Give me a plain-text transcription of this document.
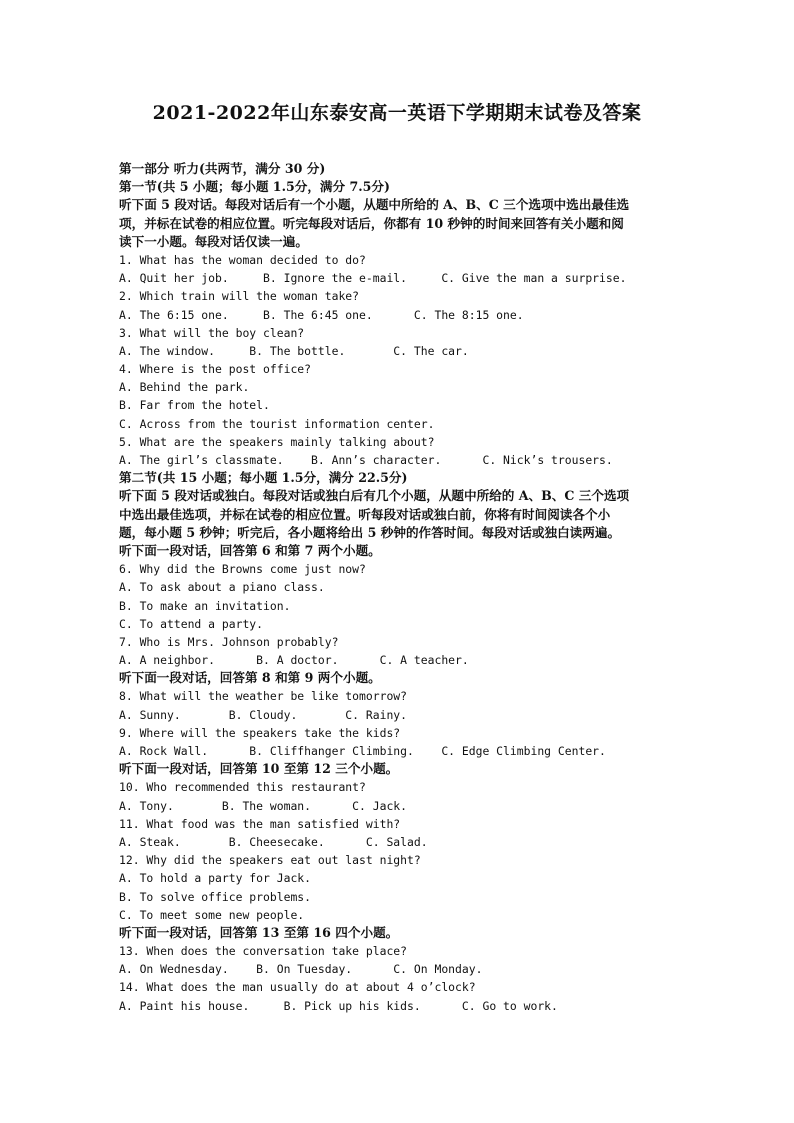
2021-2022年山东泰安高一英语下学期期末试卷及答案
第一部分 听力(共两节，满分 30 分)
第一节(共 5 小题；每小题 1.5分，满分 7.5分)
听下面 5 段对话。每段对话后有一个小题，从题中所给的 A、B、C 三个选项中选出最佳选
项，并标在试卷的相应位置。听完每段对话后，你都有 10 秒钟的时间来回答有关小题和阅
读下一小题。每段对话仅读一遍。
1. What has the woman decided to do?
A. Quit her job.     B. Ignore the e-mail.     C. Give the man a surprise.
2. Which train will the woman take?
A. The 6:15 one.     B. The 6:45 one.      C. The 8:15 one.
3. What will the boy clean?
A. The window.     B. The bottle.       C. The car.
4. Where is the post office?
A. Behind the park.
B. Far from the hotel.
C. Across from the tourist information center.
5. What are the speakers mainly talking about?
A. The girl’s classmate.    B. Ann’s character.      C. Nick’s trousers.
第二节(共 15 小题；每小题 1.5分，满分 22.5分)
听下面 5 段对话或独白。每段对话或独白后有几个小题，从题中所给的 A、B、C 三个选项
中选出最佳选项，并标在试卷的相应位置。听每段对话或独白前，你将有时间阅读各个小
题，每小题 5 秒钟；听完后，各小题将给出 5 秒钟的作答时间。每段对话或独白读两遍。
听下面一段对话，回答第 6 和第 7 两个小题。
6. Why did the Browns come just now?
A. To ask about a piano class.
B. To make an invitation.
C. To attend a party.
7. Who is Mrs. Johnson probably?
A. A neighbor.      B. A doctor.      C. A teacher.
听下面一段对话，回答第 8 和第 9 两个小题。
8. What will the weather be like tomorrow?
A. Sunny.       B. Cloudy.       C. Rainy.
9. Where will the speakers take the kids?
A. Rock Wall.      B. Cliffhanger Climbing.    C. Edge Climbing Center.
听下面一段对话，回答第 10 至第 12 三个小题。
10. Who recommended this restaurant?
A. Tony.       B. The woman.      C. Jack.
11. What food was the man satisfied with?
A. Steak.       B. Cheesecake.      C. Salad.
12. Why did the speakers eat out last night?
A. To hold a party for Jack.
B. To solve office problems.
C. To meet some new people.
听下面一段对话，回答第 13 至第 16 四个小题。
13. When does the conversation take place?
A. On Wednesday.    B. On Tuesday.      C. On Monday.
14. What does the man usually do at about 4 o’clock?
A. Paint his house.     B. Pick up his kids.      C. Go to work.
